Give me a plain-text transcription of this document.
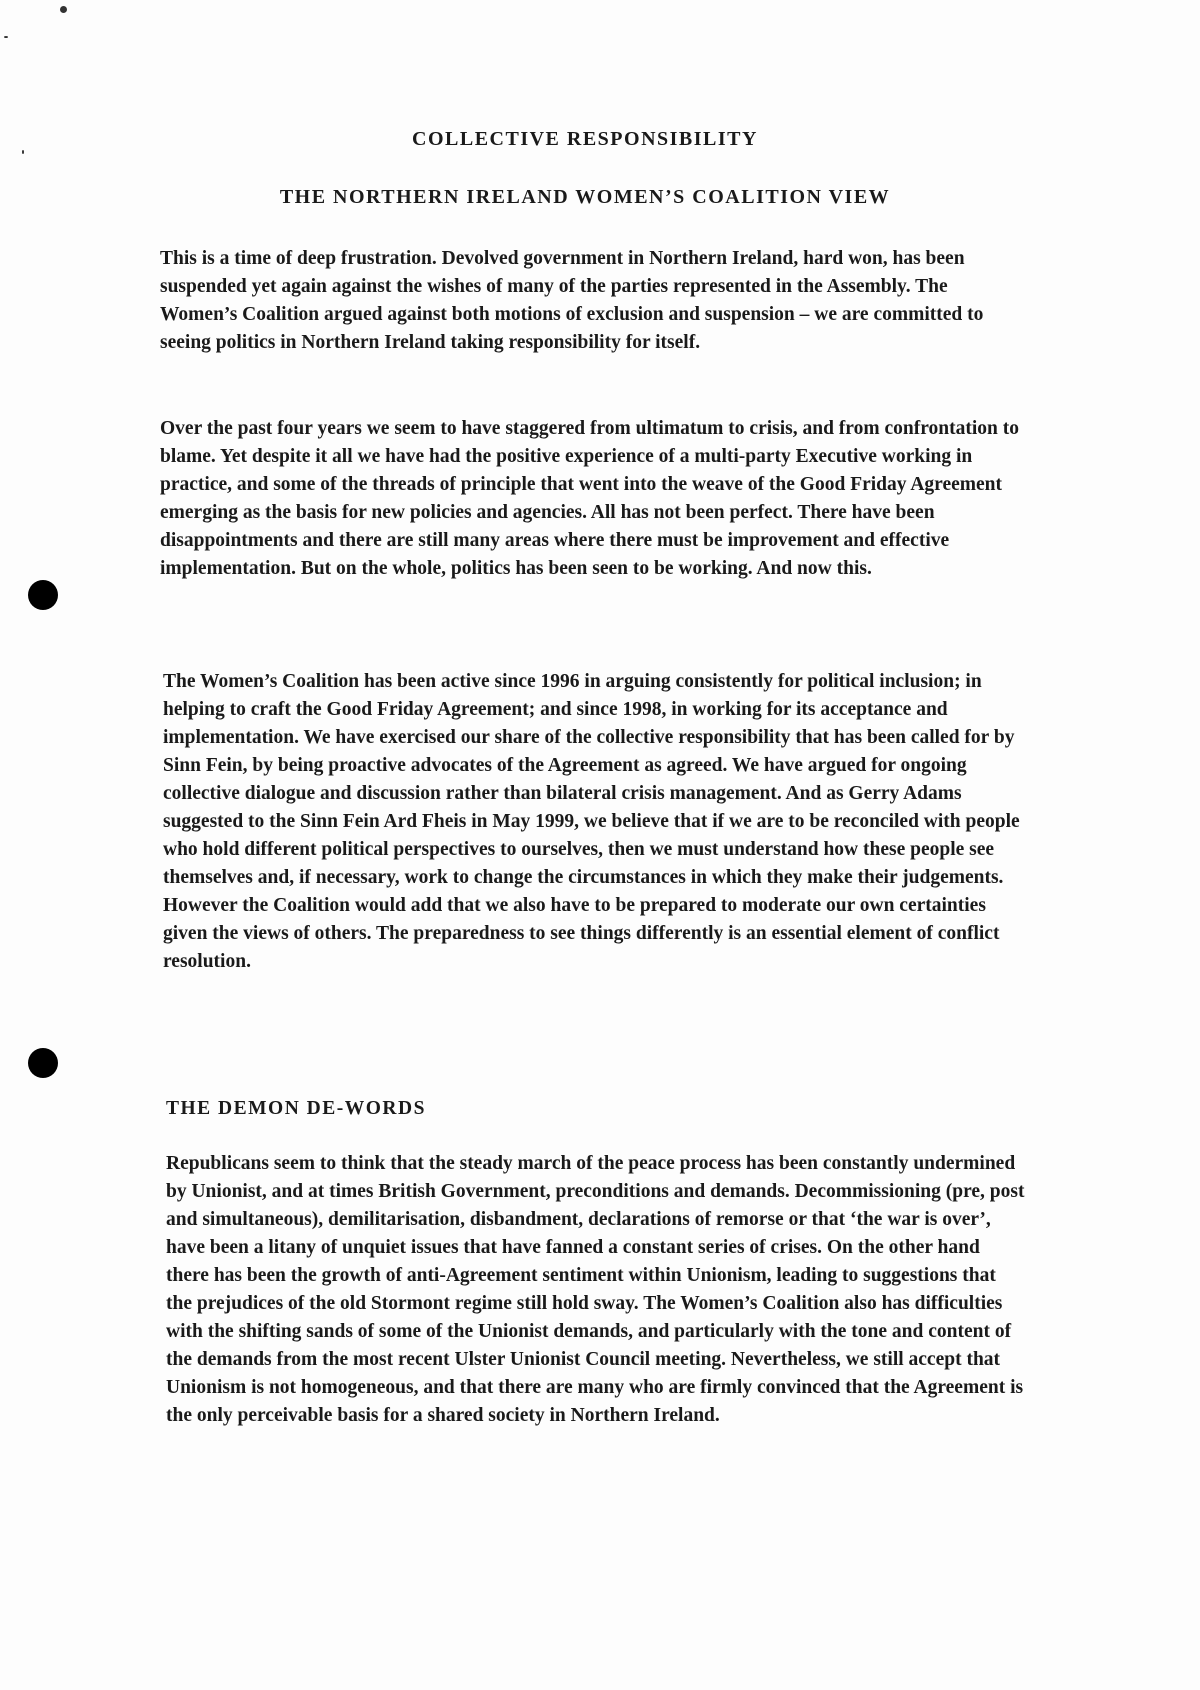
COLLECTIVE RESPONSIBILITY
THE NORTHERN IRELAND WOMEN’S COALITION VIEW

This is a time of deep frustration. Devolved government in Northern Ireland, hard won, has been suspended yet again against the wishes of many of the parties represented in the Assembly. The Women’s Coalition argued against both motions of exclusion and suspension – we are committed to seeing politics in Northern Ireland taking responsibility for itself.

Over the past four years we seem to have staggered from ultimatum to crisis, and from confrontation to blame. Yet despite it all we have had the positive experience of a multi-party Executive working in practice, and some of the threads of principle that went into the weave of the Good Friday Agreement emerging as the basis for new policies and agencies. All has not been perfect. There have been disappointments and there are still many areas where there must be improvement and effective implementation. But on the whole, politics has been seen to be working. And now this.

The Women’s Coalition has been active since 1996 in arguing consistently for political inclusion; in helping to craft the Good Friday Agreement; and since 1998, in working for its acceptance and implementation. We have exercised our share of the collective responsibility that has been called for by Sinn Fein, by being proactive advocates of the Agreement as agreed. We have argued for ongoing collective dialogue and discussion rather than bilateral crisis management. And as Gerry Adams suggested to the Sinn Fein Ard Fheis in May 1999, we believe that if we are to be reconciled with people who hold different political perspectives to ourselves, then we must understand how these people see themselves and, if necessary, work to change the circumstances in which they make their judgements. However the Coalition would add that we also have to be prepared to moderate our own certainties given the views of others. The preparedness to see things differently is an essential element of conflict resolution.

THE DEMON DE-WORDS

Republicans seem to think that the steady march of the peace process has been constantly undermined by Unionist, and at times British Government, preconditions and demands. Decommissioning (pre, post and simultaneous), demilitarisation, disbandment, declarations of remorse or that ‘the war is over’, have been a litany of unquiet issues that have fanned a constant series of crises. On the other hand there has been the growth of anti-Agreement sentiment within Unionism, leading to suggestions that the prejudices of the old Stormont regime still hold sway. The Women’s Coalition also has difficulties with the shifting sands of some of the Unionist demands, and particularly with the tone and content of the demands from the most recent Ulster Unionist Council meeting. Nevertheless, we still accept that Unionism is not homogeneous, and that there are many who are firmly convinced that the Agreement is the only perceivable basis for a shared society in Northern Ireland.
